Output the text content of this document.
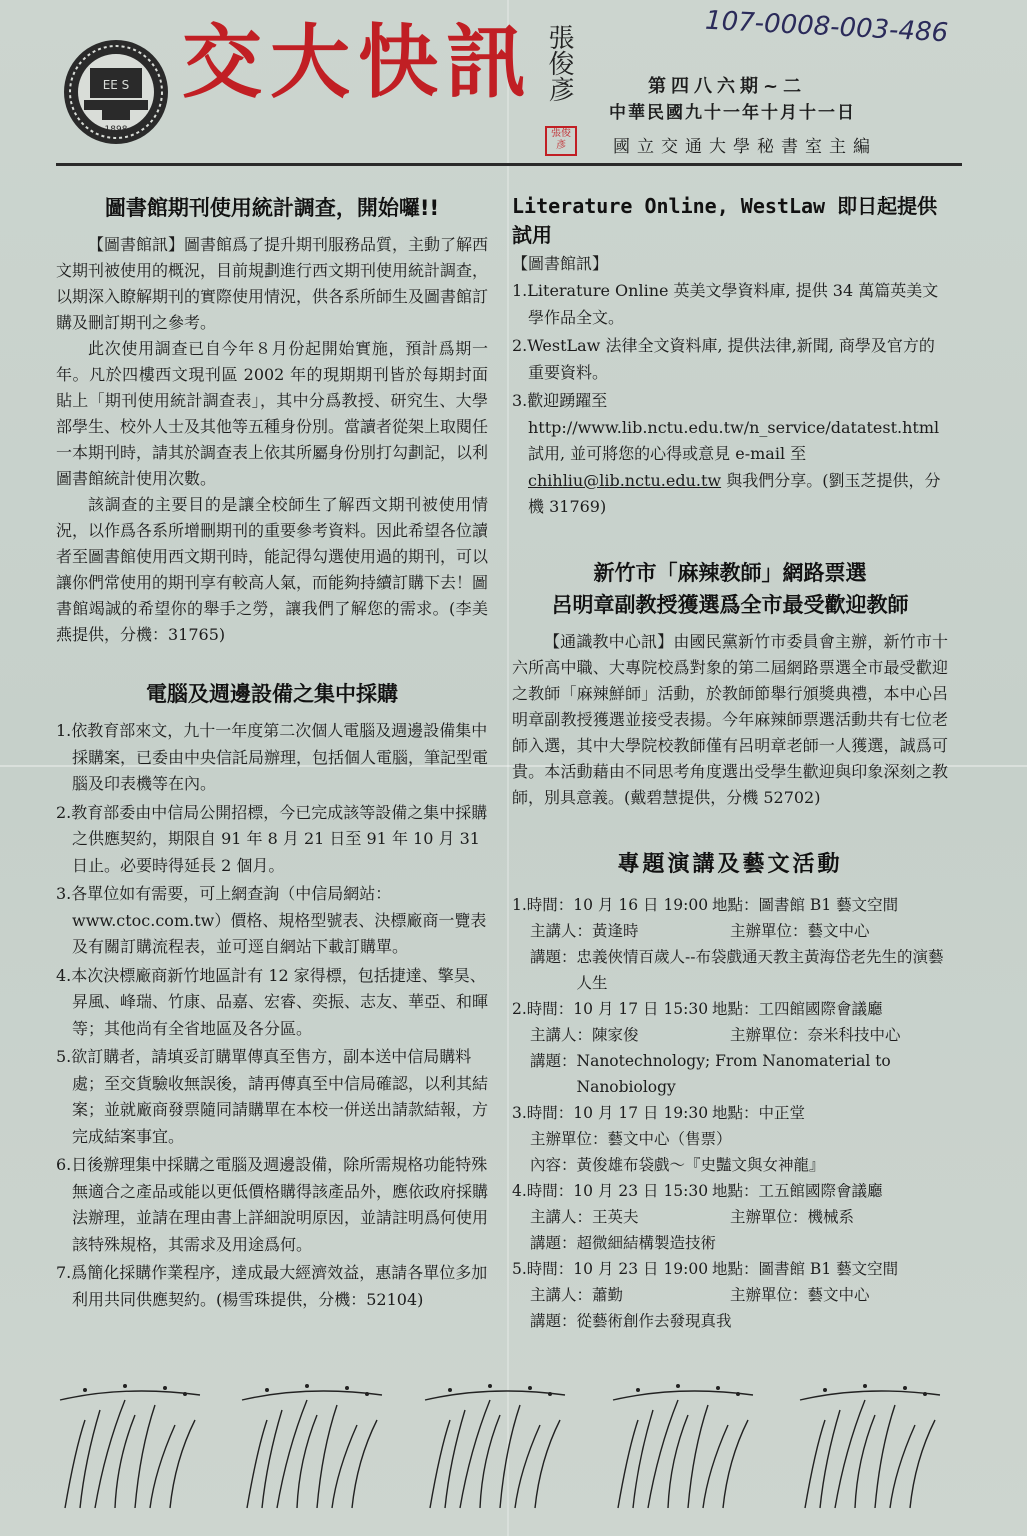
EE S
1898
交大快訊 張俊彥
張俊彥
107-0008-003-486
第四八六期~二
中華民國九十一年十月十一日
國立交通大學秘書室主編
圖書館期刊使用統計調查，開始囉!!

【圖書館訊】圖書館爲了提升期刊服務品質，主動了解西文期刊被使用的概況，目前規劃進行西文期刊使用統計調查，以期深入瞭解期刊的實際使用情況，供各系所師生及圖書館訂購及刪訂期刊之參考。

此次使用調查已自今年８月份起開始實施，預計爲期一年。凡於四樓西文現刊區 2002 年的現期期刊皆於每期封面貼上「期刊使用統計調查表」，其中分爲教授、研究生、大學部學生、校外人士及其他等五種身份別。當讀者從架上取閱任一本期刊時，請其於調查表上依其所屬身份別打勾劃記，以利圖書館統計使用次數。

該調查的主要目的是讓全校師生了解西文期刊被使用情況，以作爲各系所增刪期刊的重要參考資料。因此希望各位讀者至圖書館使用西文期刊時，能記得勾選使用過的期刊，可以讓你們常使用的期刊享有較高人氣，而能夠持續訂購下去！圖書館竭誠的希望你的舉手之勞，讓我們了解您的需求。(李美燕提供，分機：31765)

電腦及週邊設備之集中採購
1.依教育部來文，九十一年度第二次個人電腦及週邊設備集中採購案，已委由中央信託局辦理，包括個人電腦，筆記型電腦及印表機等在內。
2.教育部委由中信局公開招標，今已完成該等設備之集中採購之供應契約，期限自 91 年 8 月 21 日至 91 年 10 月 31 日止。必要時得延長 2 個月。
3.各單位如有需要，可上網查詢（中信局網站：www.ctoc.com.tw）價格、規格型號表、決標廠商一覽表及有關訂購流程表，並可逕自網站下載訂購單。
4.本次決標廠商新竹地區計有 12 家得標，包括捷達、擎昊、昇風、峰瑞、竹康、品嘉、宏睿、奕振、志友、華亞、和暉等；其他尚有全省地區及各分區。
5.欲訂購者，請填妥訂購單傳真至售方，副本送中信局購料處；至交貨驗收無誤後，請再傳真至中信局確認，以利其結案；並就廠商發票隨同請購單在本校一併送出請款結報，方完成結案事宜。
6.日後辦理集中採購之電腦及週邊設備，除所需規格功能特殊無適合之產品或能以更低價格購得該產品外，應依政府採購法辦理，並請在理由書上詳細說明原因，並請註明爲何使用該特殊規格，其需求及用途爲何。
7.爲簡化採購作業程序，達成最大經濟效益，惠請各單位多加利用共同供應契約。(楊雪珠提供，分機：52104)
Literature Online, WestLaw 即日起提供試用
【圖書館訊】
1.Literature Online 英美文學資料庫, 提供 34 萬篇英美文學作品全文。
2.WestLaw 法律全文資料庫, 提供法律,新聞, 商學及官方的重要資料。
3.歡迎踴躍至 http://www.lib.nctu.edu.tw/n_service/datatest.html 試用, 並可將您的心得或意見 e-mail 至 chihliu@lib.nctu.edu.tw 與我們分享。(劉玉芝提供，分機 31769)
新竹市「麻辣教師」網路票選
呂明章副教授獲選爲全市最受歡迎教師

【通識教中心訊】由國民黨新竹市委員會主辦，新竹市十六所高中職、大專院校爲對象的第二屆網路票選全市最受歡迎之教師「麻辣鮮師」活動，於教師節舉行頒獎典禮，本中心呂明章副教授獲選並接受表揚。今年麻辣師票選活動共有七位老師入選，其中大學院校教師僅有呂明章老師一人獲選，誠爲可貴。本活動藉由不同思考角度選出受學生歡迎與印象深刻之教師，別具意義。(戴碧慧提供，分機 52702)

專題演講及藝文活動
1.時間：10 月 16 日 19:00 地點：圖書館 B1 藝文空間
主講人：黃逢時	主辦單位：藝文中心
講題： 忠義俠情百歲人--布袋戲通天教主黃海岱老先生的演藝人生
2.時間：10 月 17 日 15:30 地點：工四館國際會議廳
主講人：陳家俊	主辦單位：奈米科技中心
講題： Nanotechnology; From Nanomaterial to Nanobiology
3.時間：10 月 17 日 19:30 地點：中正堂
主辦單位：藝文中心（售票）
內容：黃俊雄布袋戲～『史豔文與女神龍』
4.時間：10 月 23 日 15:30 地點：工五館國際會議廳
主講人：王英夫	主辦單位：機械系
講題：超微細結構製造技術
5.時間：10 月 23 日 19:00 地點：圖書館 B1 藝文空間
主講人：蕭勤	主辦單位：藝文中心
講題：從藝術創作去發現真我
